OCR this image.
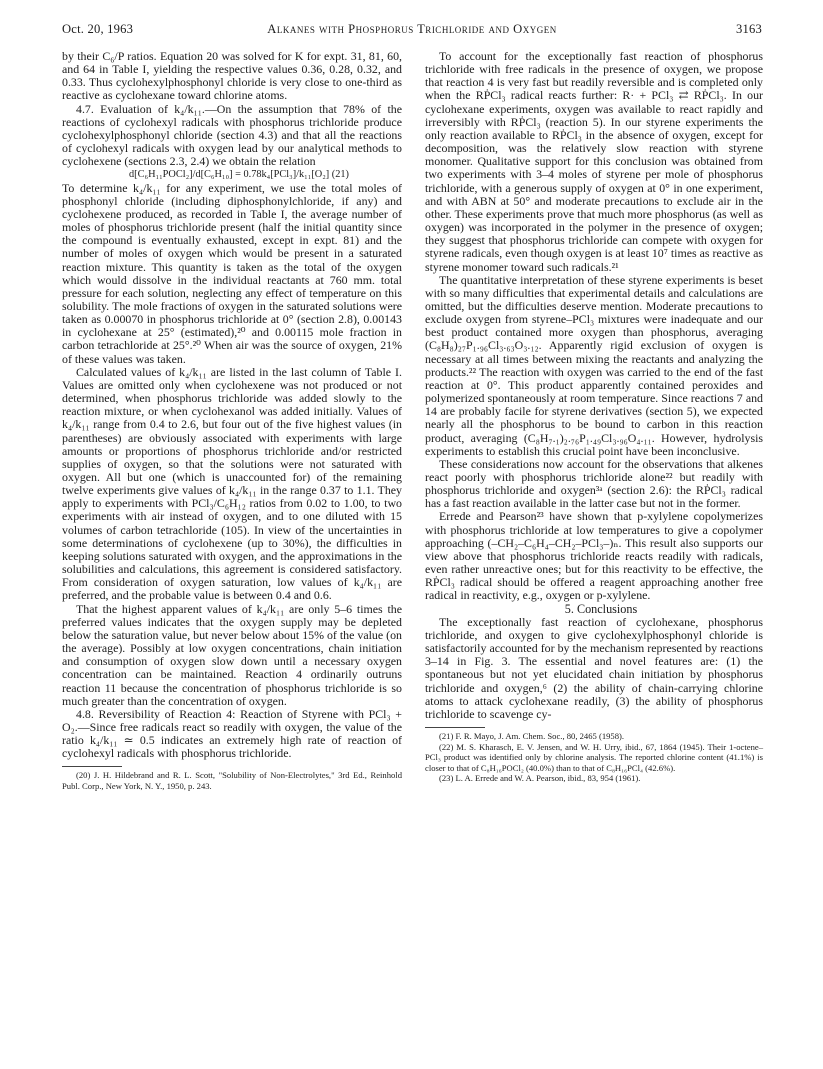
Oct. 20, 1963	Alkanes with Phosphorus Trichloride and Oxygen	3163

by their C₆/P ratios. Equation 20 was solved for K for expt. 31, 81, 60, and 64 in Table I, yielding the respective values 0.36, 0.28, 0.32, and 0.33. Thus cyclohexylphosphonyl chloride is very close to one-third as reactive as cyclohexane toward chlorine atoms.

4.7. Evaluation of k₄/k₁₁.—On the assumption that 78% of the reactions of cyclohexyl radicals with phosphorus trichloride produce cyclohexylphosphonyl chloride (section 4.3) and that all the reactions of cyclohexyl radicals with oxygen lead by our analytical methods to cyclohexene (sections 2.3, 2.4) we obtain the relation

d[C₆H₁₁POCl₂]/d[C₆H₁₀] = 0.78k₄[PCl₃]/k₁₁[O₂] (21)

To determine k₄/k₁₁ for any experiment, we use the total moles of phosphonyl chloride (including diphosphonylchloride, if any) and cyclohexene produced, as recorded in Table I, the average number of moles of phosphorus trichloride present (half the initial quantity since the compound is eventually exhausted, except in expt. 81) and the number of moles of oxygen which would be present in a saturated reaction mixture. This quantity is taken as the total of the oxygen which would dissolve in the individual reactants at 760 mm. total pressure for each solution, neglecting any effect of temperature on this solubility. The mole fractions of oxygen in the saturated solutions were taken as 0.00070 in phosphorus trichloride at 0° (section 2.8), 0.00143 in cyclohexane at 25° (estimated),²⁰ and 0.00115 mole fraction in carbon tetrachloride at 25°.²⁰ When air was the source of oxygen, 21% of these values was taken.

Calculated values of k₄/k₁₁ are listed in the last column of Table I. Values are omitted only when cyclohexene was not produced or not determined, when phosphorus trichloride was added slowly to the reaction mixture, or when cyclohexanol was added initially. Values of k₄/k₁₁ range from 0.4 to 2.6, but four out of the five highest values (in parentheses) are obviously associated with experiments with large amounts or proportions of phosphorus trichloride and/or restricted supplies of oxygen, so that the solutions were not saturated with oxygen. All but one (which is unaccounted for) of the remaining twelve experiments give values of k₄/k₁₁ in the range 0.37 to 1.1. They apply to experiments with PCl₃/C₆H₁₂ ratios from 0.02 to 1.00, to two experiments with air instead of oxygen, and to one diluted with 15 volumes of carbon tetrachloride (105). In view of the uncertainties in some determinations of cyclohexene (up to 30%), the difficulties in keeping solutions saturated with oxygen, and the approximations in the solubilities and calculations, this agreement is considered satisfactory. From consideration of oxygen saturation, low values of k₄/k₁₁ are preferred, and the probable value is between 0.4 and 0.6.

That the highest apparent values of k₄/k₁₁ are only 5–6 times the preferred values indicates that the oxygen supply may be depleted below the saturation value, but never below about 15% of the value (on the average). Possibly at low oxygen concentrations, chain initiation and consumption of oxygen slow down until a necessary oxygen concentration can be maintained. Reaction 4 ordinarily outruns reaction 11 because the concentration of phosphorus trichloride is so much greater than the concentration of oxygen.

4.8. Reversibility of Reaction 4: Reaction of Styrene with PCl₃ + O₂.—Since free radicals react so readily with oxygen, the value of the ratio k₄/k₁₁ ≃ 0.5 indicates an extremely high rate of reaction of cyclohexyl radicals with phosphorus trichloride.

(20) J. H. Hildebrand and R. L. Scott, "Solubility of Non-Electrolytes," 3rd Ed., Reinhold Publ. Corp., New York, N. Y., 1950, p. 243.

To account for the exceptionally fast reaction of phosphorus trichloride with free radicals in the presence of oxygen, we propose that reaction 4 is very fast but readily reversible and is completed only when the RṖCl₃ radical reacts further: R· + PCl₃ ⇄ RṖCl₃. In our cyclohexane experiments, oxygen was available to react rapidly and irreversibly with RṖCl₃ (reaction 5). In our styrene experiments the only reaction available to RṖCl₃ in the absence of oxygen, except for decomposition, was the relatively slow reaction with styrene monomer. Qualitative support for this conclusion was obtained from two experiments with 3–4 moles of styrene per mole of phosphorus trichloride, with a generous supply of oxygen at 0° in one experiment, and with ABN at 50° and moderate precautions to exclude air in the other. These experiments prove that much more phosphorus (as well as oxygen) was incorporated in the polymer in the presence of oxygen; they suggest that phosphorus trichloride can compete with oxygen for styrene radicals, even though oxygen is at least 10⁷ times as reactive as styrene monomer toward such radicals.²¹

The quantitative interpretation of these styrene experiments is beset with so many difficulties that experimental details and calculations are omitted, but the difficulties deserve mention. Moderate precautions to exclude oxygen from styrene–PCl₃ mixtures were inadequate and our best product contained more oxygen than phosphorus, averaging (C₈H₈)₂₇P₁.₉₆Cl₃.₆₃O₃.₁₂. Apparently rigid exclusion of oxygen is necessary at all times between mixing the reactants and analyzing the products.²² The reaction with oxygen was carried to the end of the fast reaction at 0°. This product apparently contained peroxides and polymerized spontaneously at room temperature. Since reactions 7 and 14 are probably facile for styrene derivatives (section 5), we expected nearly all the phosphorus to be bound to carbon in this reaction product, averaging (C₈H₇.₁)₂.₇₆P₁.₄₉Cl₃.₉₆O₄.₁₁. However, hydrolysis experiments to establish this crucial point have been inconclusive.

These considerations now account for the observations that alkenes react poorly with phosphorus trichloride alone²² but readily with phosphorus trichloride and oxygen³ᵃ (section 2.6): the RṖCl₃ radical has a fast reaction available in the latter case but not in the former.

Errede and Pearson²³ have shown that p-xylylene copolymerizes with phosphorus trichloride at low temperatures to give a copolymer approaching (–CH₂–C₆H₄–CH₂–PCl₃–)ₙ. This result also supports our view above that phosphorus trichloride reacts readily with radicals, even rather unreactive ones; but for this reactivity to be effective, the RṖCl₃ radical should be offered a reagent approaching another free radical in reactivity, e.g., oxygen or p-xylylene.

5. Conclusions

The exceptionally fast reaction of cyclohexane, phosphorus trichloride, and oxygen to give cyclohexylphosphonyl chloride is satisfactorily accounted for by the mechanism represented by reactions 3–14 in Fig. 3. The essential and novel features are: (1) the spontaneous but not yet elucidated chain initiation by phosphorus trichloride and oxygen,⁶ (2) the ability of chain-carrying chlorine atoms to attack cyclohexane readily, (3) the ability of phosphorus trichloride to scavenge cy-

(21) F. R. Mayo, J. Am. Chem. Soc., 80, 2465 (1958).

(22) M. S. Kharasch, E. V. Jensen, and W. H. Urry, ibid., 67, 1864 (1945). Their 1-octene–PCl₃ product was identified only by chlorine analysis. The reported chlorine content (41.1%) is closer to that of C₈H₁₆POCl₂ (40.0%) than to that of C₈H₁₆PCl₄ (42.6%).

(23) L. A. Errede and W. A. Pearson, ibid., 83, 954 (1961).
